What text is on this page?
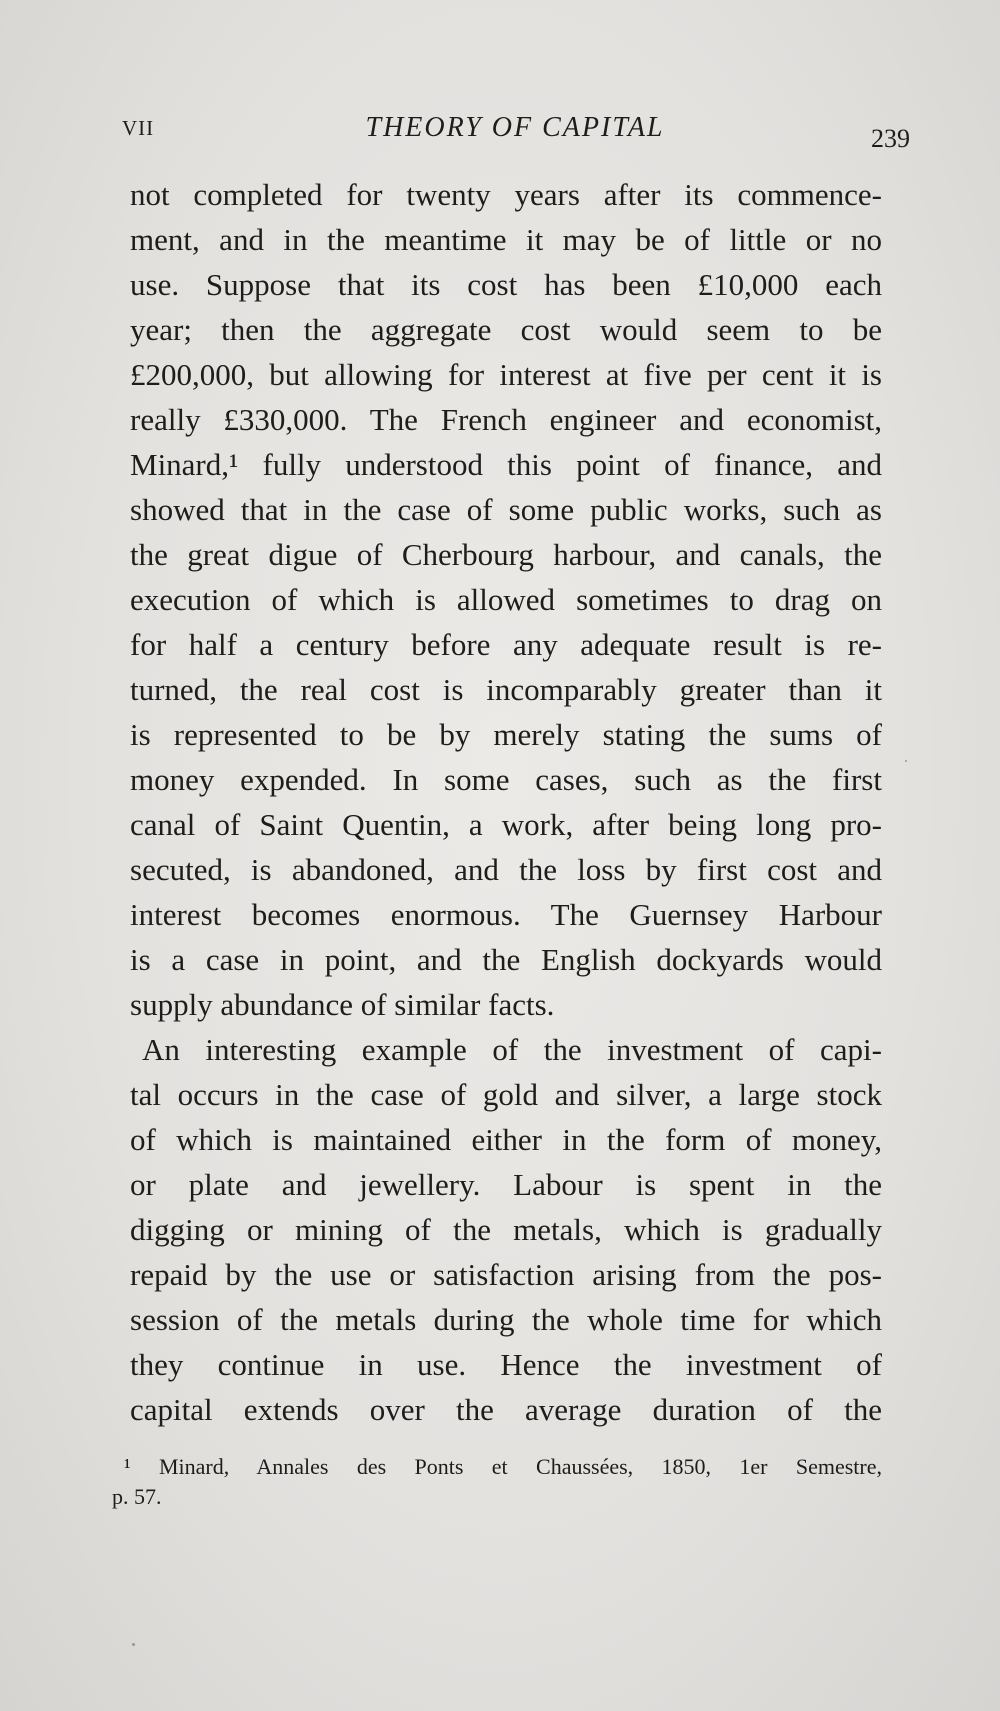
VII	THEORY OF CAPITAL	239
not completed for twenty years after its commence-
ment, and in the meantime it may be of little or no
use. Suppose that its cost has been £10,000 each
year; then the aggregate cost would seem to be
£200,000, but allowing for interest at five per cent it is
really £330,000. The French engineer and economist,
Minard,¹ fully understood this point of finance, and
showed that in the case of some public works, such as
the great digue of Cherbourg harbour, and canals, the
execution of which is allowed sometimes to drag on
for half a century before any adequate result is re-
turned, the real cost is incomparably greater than it
is represented to be by merely stating the sums of
money expended. In some cases, such as the first
canal of Saint Quentin, a work, after being long pro-
secuted, is abandoned, and the loss by first cost and
interest becomes enormous. The Guernsey Harbour
is a case in point, and the English dockyards would
supply abundance of similar facts.
An interesting example of the investment of capi-
tal occurs in the case of gold and silver, a large stock
of which is maintained either in the form of money,
or plate and jewellery. Labour is spent in the
digging or mining of the metals, which is gradually
repaid by the use or satisfaction arising from the pos-
session of the metals during the whole time for which
they continue in use. Hence the investment of
capital extends over the average duration of the
¹ Minard, Annales des Ponts et Chaussées, 1850, 1er Semestre,
p. 57.
